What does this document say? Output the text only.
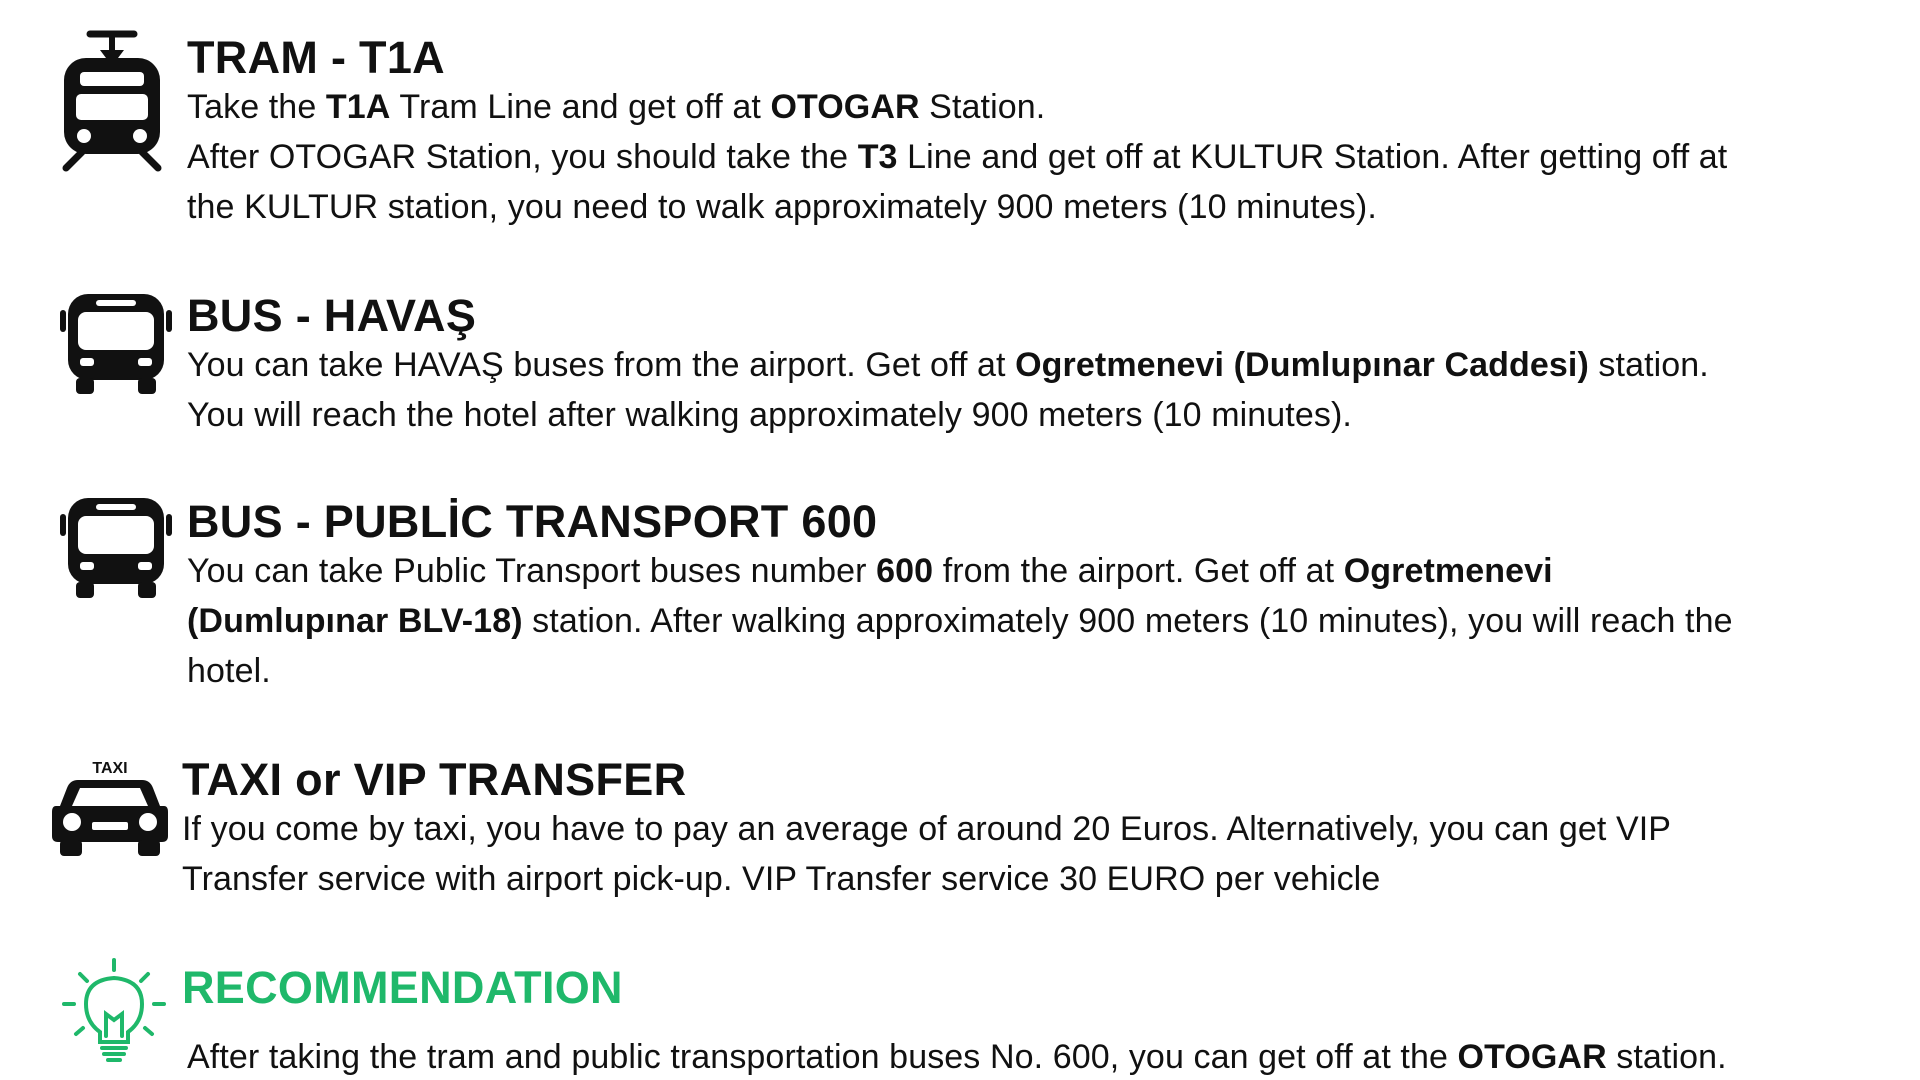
TRAM - T1A
Take the T1A Tram Line and get off at OTOGAR Station.
After OTOGAR Station, you should take the T3 Line and get off at KULTUR Station. After getting off at
the KULTUR station, you need to walk approximately 900 meters (10 minutes).
BUS - HAVAŞ
You can take HAVAŞ buses from the airport. Get off at Ogretmenevi (Dumlupınar Caddesi) station.
You will reach the hotel after walking approximately 900 meters (10 minutes).
BUS - PUBLİC TRANSPORT 600
You can take Public Transport buses number 600 from the airport. Get off at Ogretmenevi
(Dumlupınar BLV-18) station. After walking approximately 900 meters (10 minutes), you will reach the
hotel.
TAXI TAXI or VIP TRANSFER
If you come by taxi, you have to pay an average of around 20 Euros. Alternatively, you can get VIP
Transfer service with airport pick-up. VIP Transfer service 30 EURO per vehicle
RECOMMENDATION
After taking the tram and public transportation buses No. 600, you can get off at the OTOGAR station.
